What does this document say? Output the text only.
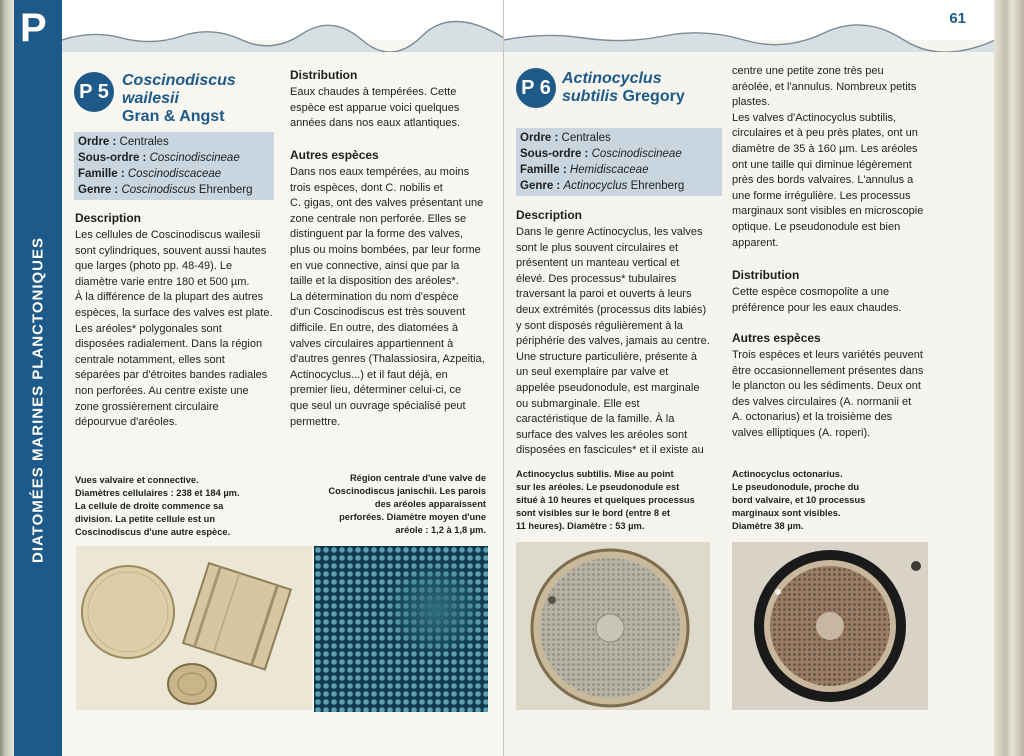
P
DIATOMÉES MARINES PLANCTONIQUES
P 5 Coscinodiscus
wailesii
Gran & Angst
Ordre : Centrales
Sous-ordre : Coscinodiscineae
Famille : Coscinodiscaceae
Genre : Coscinodiscus Ehrenberg
Description
Les cellules de Coscinodiscus wailesii
sont cylindriques, souvent aussi hautes
que larges (photo pp. 48-49). Le
diamètre varie entre 180 et 500 µm.
À la différence de la plupart des autres
espèces, la surface des valves est plate.
Les aréoles* polygonales sont
disposées radialement. Dans la région
centrale notamment, elles sont
séparées par d'étroites bandes radiales
non perforées. Au centre existe une
zone grossièrement circulaire
dépourvue d'aréoles.
Distribution
Eaux chaudes à tempérées. Cette
espèce est apparue voici quelques
années dans nos eaux atlantiques.
Autres espèces
Dans nos eaux tempérées, au moins
trois espèces, dont C. nobilis et
C. gigas, ont des valves présentant une
zone centrale non perforée. Elles se
distinguent par la forme des valves,
plus ou moins bombées, par leur forme
en vue connective, ainsi que par la
taille et la disposition des aréoles*.
La détermination du nom d'espèce
d'un Coscinodiscus est très souvent
difficile. En outre, des diatomées à
valves circulaires appartiennent à
d'autres genres (Thalassiosira, Azpeitia,
Actinocyclus...) et il faut déjà, en
premier lieu, déterminer celui-ci, ce
que seul un ouvrage spécialisé peut
permettre.
Vues valvaire et connective.
Diamètres cellulaires : 238 et 184 µm.
La cellule de droite commence sa
division. La petite cellule est un
Coscinodiscus d'une autre espèce.
Région centrale d'une valve de
Coscinodiscus janischii. Les parois
des aréoles apparaissent
perforées. Diamètre moyen d'une
aréole : 1,2 à 1,8 µm.
61
P 6 Actinocyclus
subtilis Gregory
Ordre : Centrales
Sous-ordre : Coscinodiscineae
Famille : Hemidiscaceae
Genre : Actinocyclus Ehrenberg
Description
Dans le genre Actinocyclus, les valves
sont le plus souvent circulaires et
présentent un manteau vertical et
élevé. Des processus* tubulaires
traversant la paroi et ouverts à leurs
deux extrémités (processus dits labiés)
y sont disposés régulièrement à la
périphérie des valves, jamais au centre.
Une structure particulière, présente à
un seul exemplaire par valve et
appelée pseudonodule, est marginale
ou submarginale. Elle est
caractéristique de la famille. À la
surface des valves les aréoles sont
disposées en fascicules* et il existe au
centre une petite zone très peu
aréolée, et l'annulus. Nombreux petits
plastes.
Les valves d'Actinocyclus subtilis,
circulaires et à peu près plates, ont un
diamètre de 35 à 160 µm. Les aréoles
ont une taille qui diminue légèrement
près des bords valvaires. L'annulus a
une forme irrégulière. Les processus
marginaux sont visibles en microscopie
optique. Le pseudonodule est bien
apparent.
Distribution
Cette espèce cosmopolite a une
préférence pour les eaux chaudes.
Autres espèces
Trois espèces et leurs variétés peuvent
être occasionnellement présentes dans
le plancton ou les sédiments. Deux ont
des valves circulaires (A. normanii et
A. octonarius) et la troisième des
valves elliptiques (A. roperi).
Actinocyclus subtilis. Mise au point
sur les aréoles. Le pseudonodule est
situé à 10 heures et quelques processus
sont visibles sur le bord (entre 8 et
11 heures). Diamètre : 53 µm.
Actinocyclus octonarius.
Le pseudonodule, proche du
bord valvaire, et 10 processus
marginaux sont visibles.
Diamètre 38 µm.
